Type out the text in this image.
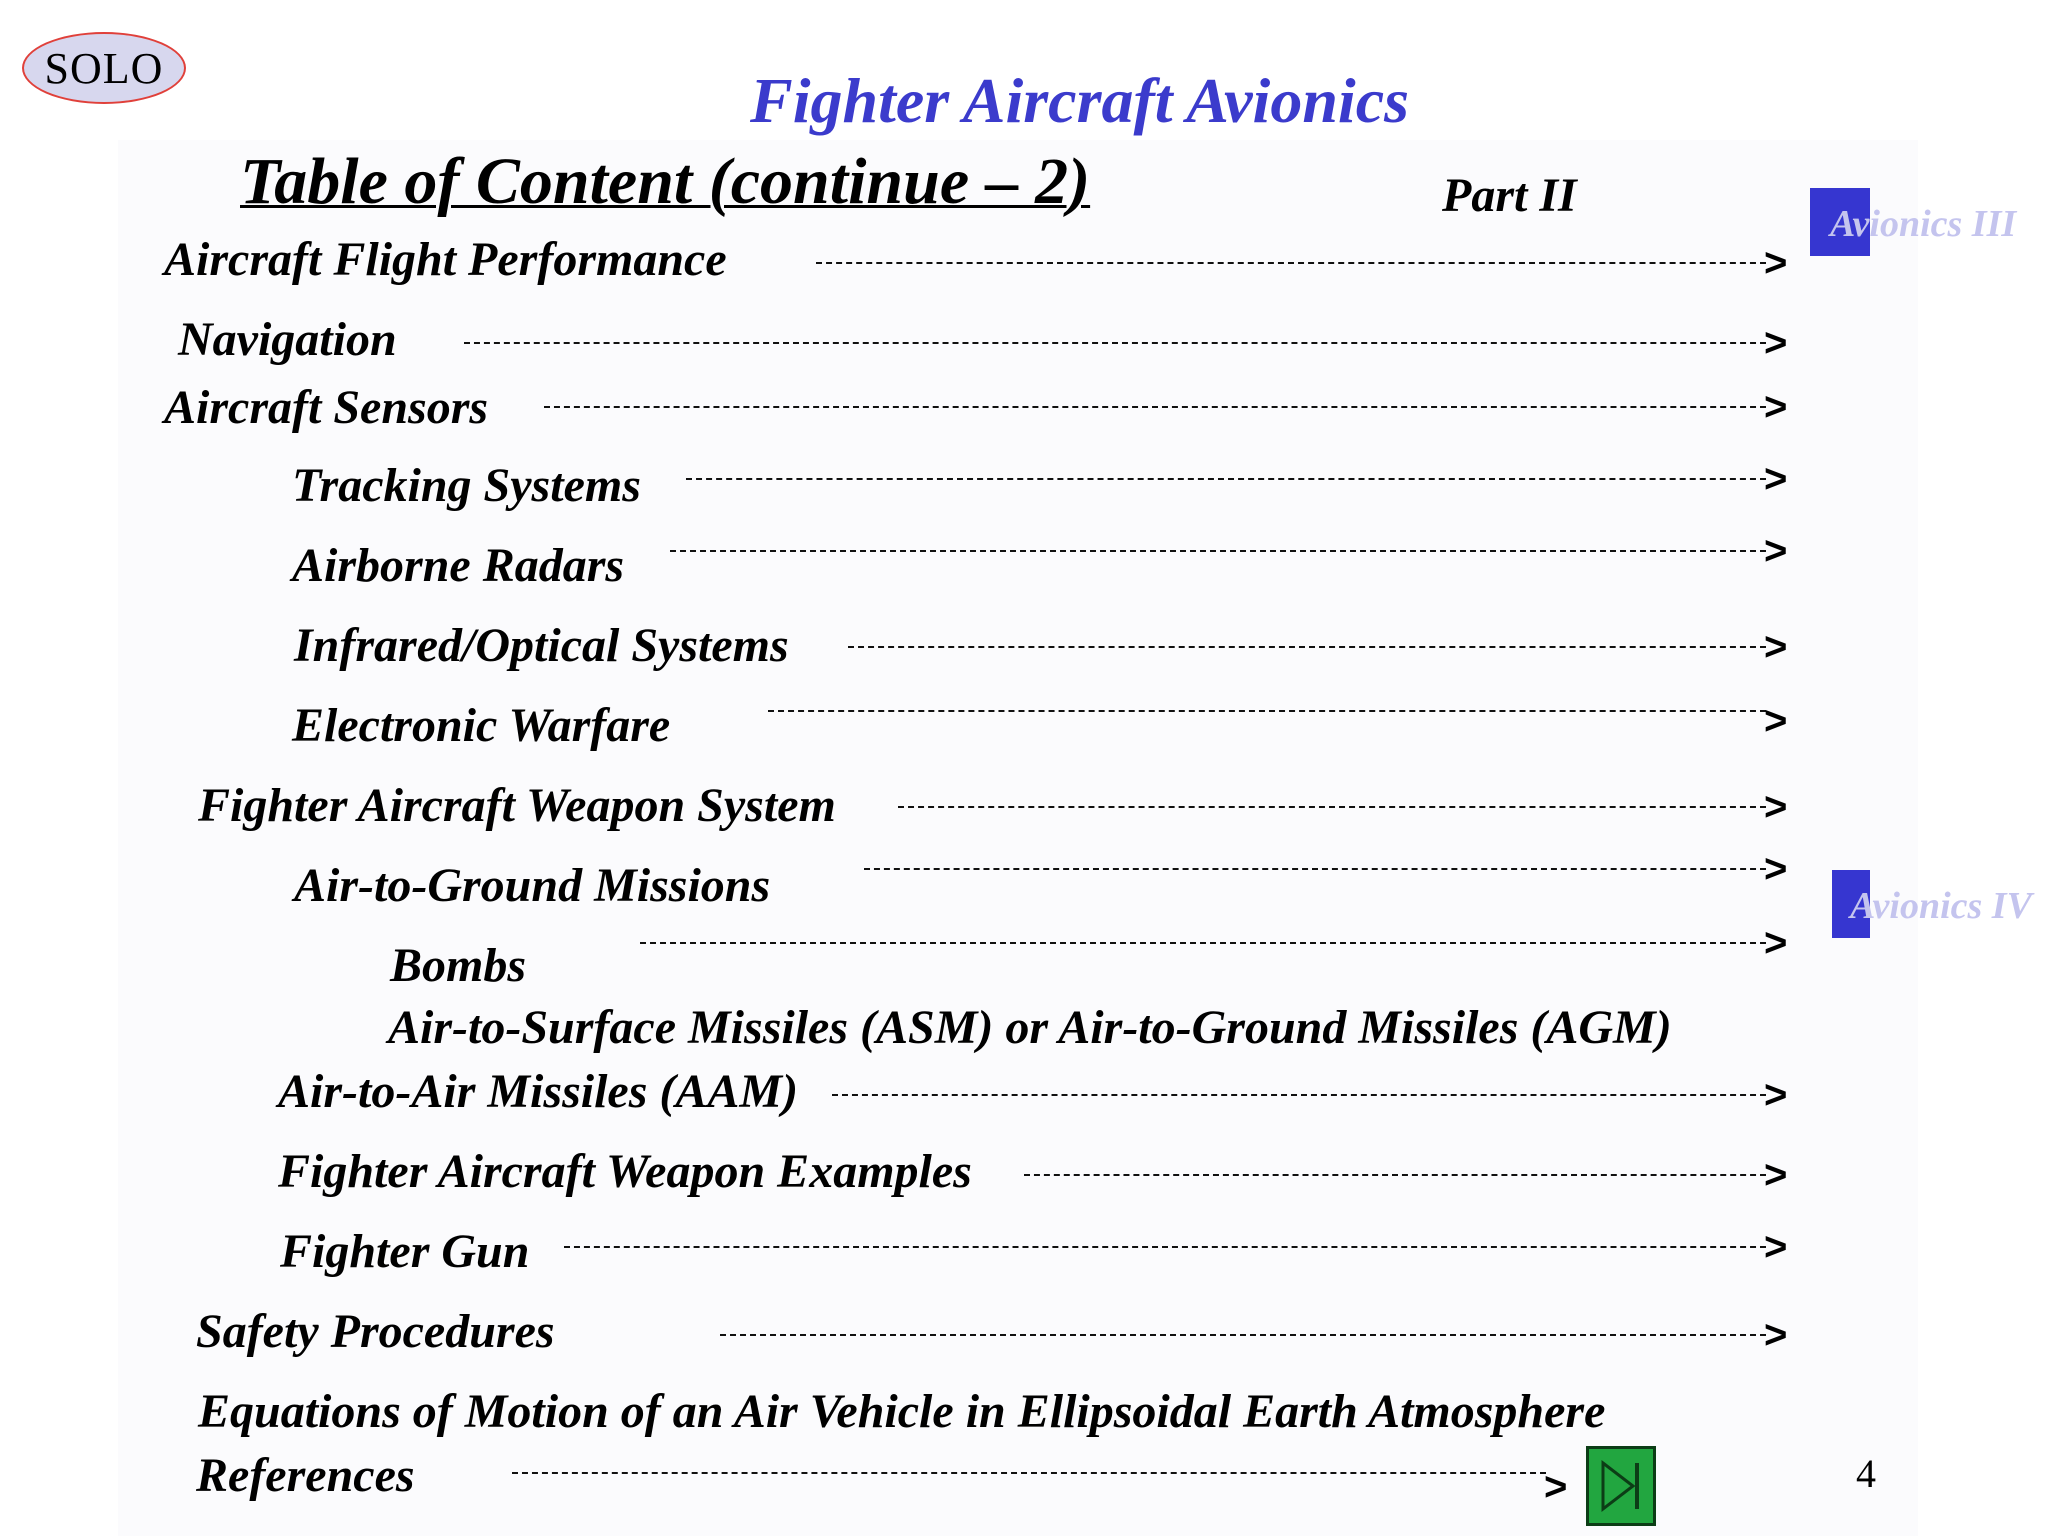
SOLO	Fighter Aircraft Avionics
Table of Content (continue – 2)	Part II
Avionics III
Avionics IV
Aircraft Flight Performance	>
Navigation	>
Aircraft Sensors	>
Tracking Systems	>
Airborne Radars	>
Infrared/Optical Systems	>
Electronic Warfare	>
Fighter Aircraft Weapon System	>
Air-to-Ground Missions	>
Bombs	>
Air-to-Surface Missiles (ASM) or Air-to-Ground Missiles (AGM)
Air-to-Air Missiles (AAM)	>
Fighter Aircraft Weapon Examples	>
Fighter Gun	>
Safety Procedures	>
Equations of Motion of an Air Vehicle in Ellipsoidal Earth Atmosphere
References	>	4
